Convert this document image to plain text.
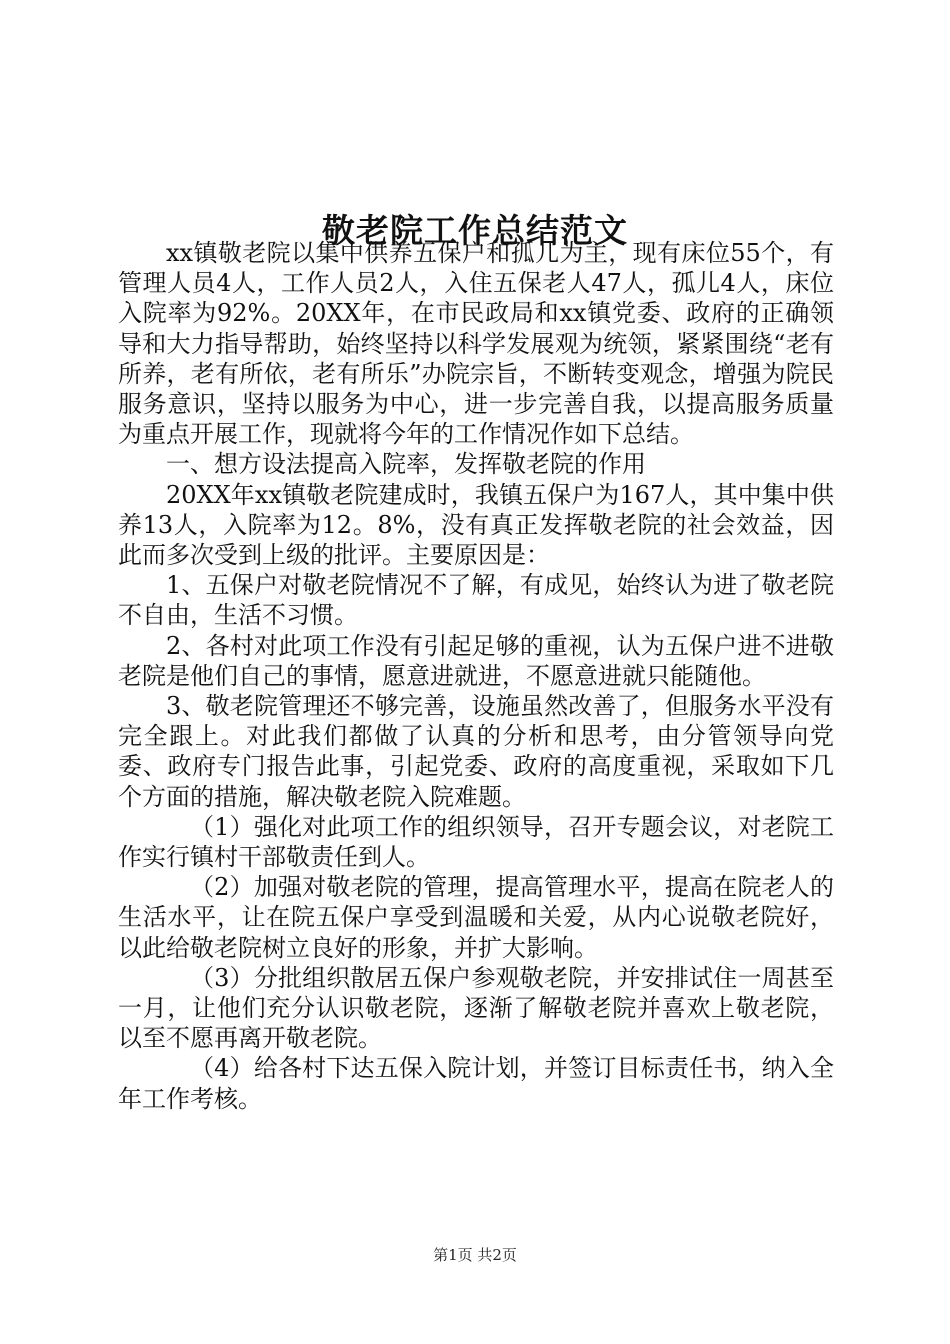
敬老院工作总结范文

xx镇敬老院以集中供养五保户和孤儿为主，现有床位55个，有管理人员4人，工作人员2人，入住五保老人47人，孤儿4人，床位入院率为92%。20XX年，在市民政局和xx镇党委、政府的正确领导和大力指导帮助，始终坚持以科学发展观为统领，紧紧围绕“老有所养，老有所依，老有所乐”办院宗旨，不断转变观念，增强为院民服务意识，坚持以服务为中心，进一步完善自我，以提高服务质量为重点开展工作，现就将今年的工作情况作如下总结。

一、想方设法提高入院率，发挥敬老院的作用

20XX年xx镇敬老院建成时，我镇五保户为167人，其中集中供养13人，入院率为12。8%，没有真正发挥敬老院的社会效益，因此而多次受到上级的批评。主要原因是：

1、五保户对敬老院情况不了解，有成见，始终认为进了敬老院不自由，生活不习惯。

2、各村对此项工作没有引起足够的重视，认为五保户进不进敬老院是他们自己的事情，愿意进就进，不愿意进就只能随他。

3、敬老院管理还不够完善，设施虽然改善了，但服务水平没有完全跟上。对此我们都做了认真的分析和思考，由分管领导向党委、政府专门报告此事，引起党委、政府的高度重视，采取如下几个方面的措施，解决敬老院入院难题。

（1）强化对此项工作的组织领导，召开专题会议，对老院工作实行镇村干部敬责任到人。

（2）加强对敬老院的管理，提高管理水平，提高在院老人的生活水平，让在院五保户享受到温暖和关爱，从内心说敬老院好，以此给敬老院树立良好的形象，并扩大影响。

（3）分批组织散居五保户参观敬老院，并安排试住一周甚至一月，让他们充分认识敬老院，逐渐了解敬老院并喜欢上敬老院，以至不愿再离开敬老院。

（4）给各村下达五保入院计划，并签订目标责任书，纳入全年工作考核。

第1页 共2页
